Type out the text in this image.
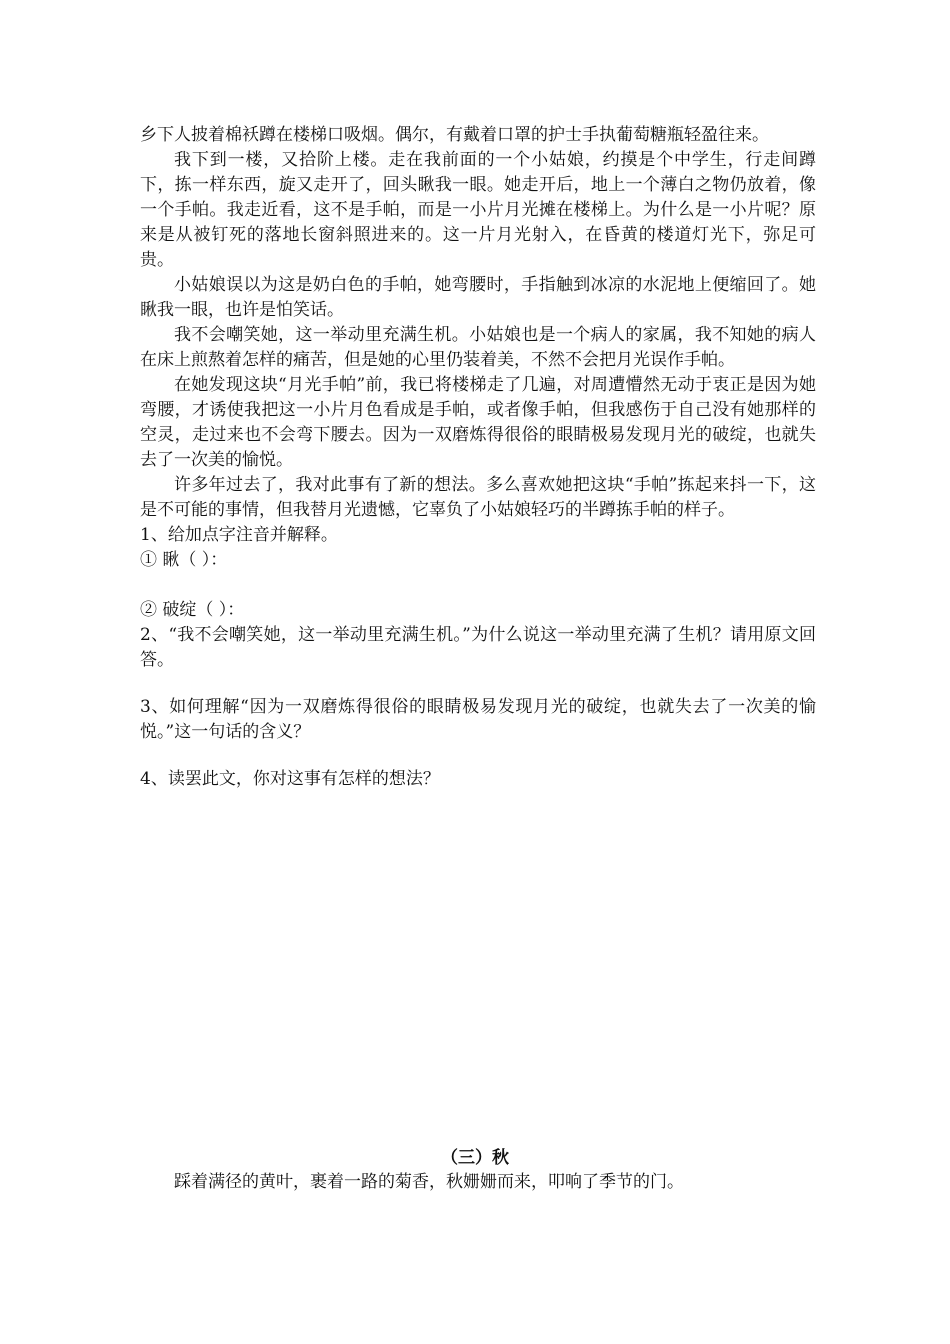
乡下人披着棉袄蹲在楼梯口吸烟。偶尔，有戴着口罩的护士手执葡萄糖瓶轻盈往来。

我下到一楼，又拾阶上楼。走在我前面的一个小姑娘，约摸是个中学生，行走间蹲下，拣一样东西，旋又走开了，回头瞅我一眼。她走开后，地上一个薄白之物仍放着，像一个手帕。我走近看，这不是手帕，而是一小片月光摊在楼梯上。为什么是一小片呢？原来是从被钉死的落地长窗斜照进来的。这一片月光射入，在昏黄的楼道灯光下，弥足可贵。

小姑娘误以为这是奶白色的手帕，她弯腰时，手指触到冰凉的水泥地上便缩回了。她瞅我一眼，也许是怕笑话。

我不会嘲笑她，这一举动里充满生机。小姑娘也是一个病人的家属，我不知她的病人在床上煎熬着怎样的痛苦，但是她的心里仍装着美，不然不会把月光误作手帕。

在她发现这块“月光手帕”前，我已将楼梯走了几遍，对周遭懵然无动于衷正是因为她弯腰，才诱使我把这一小片月色看成是手帕，或者像手帕，但我感伤于自己没有她那样的空灵，走过来也不会弯下腰去。因为一双磨炼得很俗的眼睛极易发现月光的破绽，也就失去了一次美的愉悦。

许多年过去了，我对此事有了新的想法。多么喜欢她把这块“手帕”拣起来抖一下，这是不可能的事情，但我替月光遗憾，它辜负了小姑娘轻巧的半蹲拣手帕的样子。

1、给加点字注音并解释。

① 瞅（ ）：

② 破绽（ ）：

2、“我不会嘲笑她，这一举动里充满生机。”为什么说这一举动里充满了生机？请用原文回答。

3、如何理解“因为一双磨炼得很俗的眼睛极易发现月光的破绽，也就失去了一次美的愉悦。”这一句话的含义？

4、读罢此文，你对这事有怎样的想法？

（三）秋
踩着满径的黄叶，裹着一路的菊香，秋姗姗而来，叩响了季节的门。
